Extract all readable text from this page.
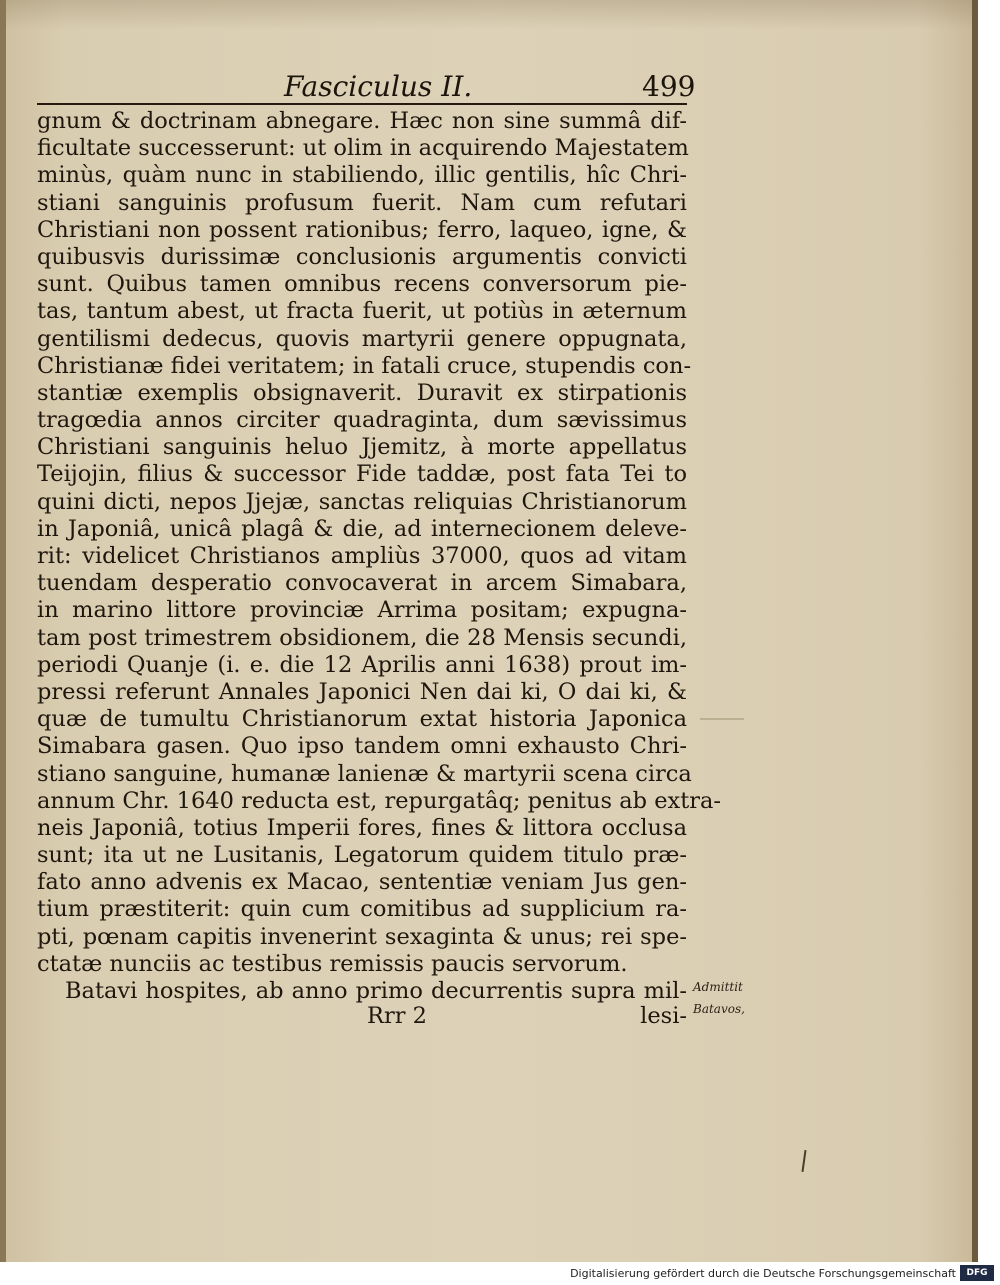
Fasciculus II.	499
gnum & doctrinam abnegare. Hæc non sine summâ dif-
ficultate successerunt: ut olim in acquirendo Majestatem
minùs, quàm nunc in stabiliendo, illic gentilis, hîc Chri-
stiani sanguinis profusum fuerit. Nam cum refutari
Christiani non possent rationibus; ferro, laqueo, igne, &
quibusvis durissimæ conclusionis argumentis convicti
sunt. Quibus tamen omnibus recens conversorum pie-
tas, tantum abest, ut fracta fuerit, ut potiùs in æternum
gentilismi dedecus, quovis martyrii genere oppugnata,
Christianæ fidei veritatem; in fatali cruce, stupendis con-
stantiæ exemplis obsignaverit. Duravit ex stirpationis
tragœdia annos circiter quadraginta, dum sævissimus
Christiani sanguinis heluo Jjemitz, à morte appellatus
Teijojin, filius & successor Fide taddæ, post fata Tei to
quini dicti, nepos Jjejæ, sanctas reliquias Christianorum
in Japoniâ, unicâ plagâ & die, ad internecionem delevе-
rit: videlicet Christianos ampliùs 37000, quos ad vitam
tuendam desperatio convocaverat in arcem Simabara,
in marino littore provinciæ Arrima positam; expugna-
tam post trimestrem obsidionem, die 28 Mensis secundi,
periodi Quanje (i. e. die 12 Aprilis anni 1638) prout im-
pressi referunt Annales Japonici Nen dai ki, O dai ki, &
quæ de tumultu Christianorum extat historia Japonica
Simabara gasen. Quo ipso tandem omni exhausto Chri-
stiano sanguine, humanæ lanienæ & martyrii scena circa
annum Chr. 1640 reducta est, repurgatâq; penitus ab extra-
neis Japoniâ, totius Imperii fores, fines & littora occlusa
sunt; ita ut ne Lusitanis, Legatorum quidem titulo præ-
fato anno advenis ex Macao, sententiæ veniam Jus gen-
tium præstiterit: quin cum comitibus ad supplicium ra-
pti, pœnam capitis invenerint sexaginta & unus; rei spe-
ctatæ nunciis ac testibus remissis paucis servorum.
Batavi hospites, ab anno primo decurrentis supra mil-
Rrr 2	lesi-
Admittit
Batavos,
Digitalisierung gefördert durch die Deutsche Forschungsgemeinschaft	DFG
